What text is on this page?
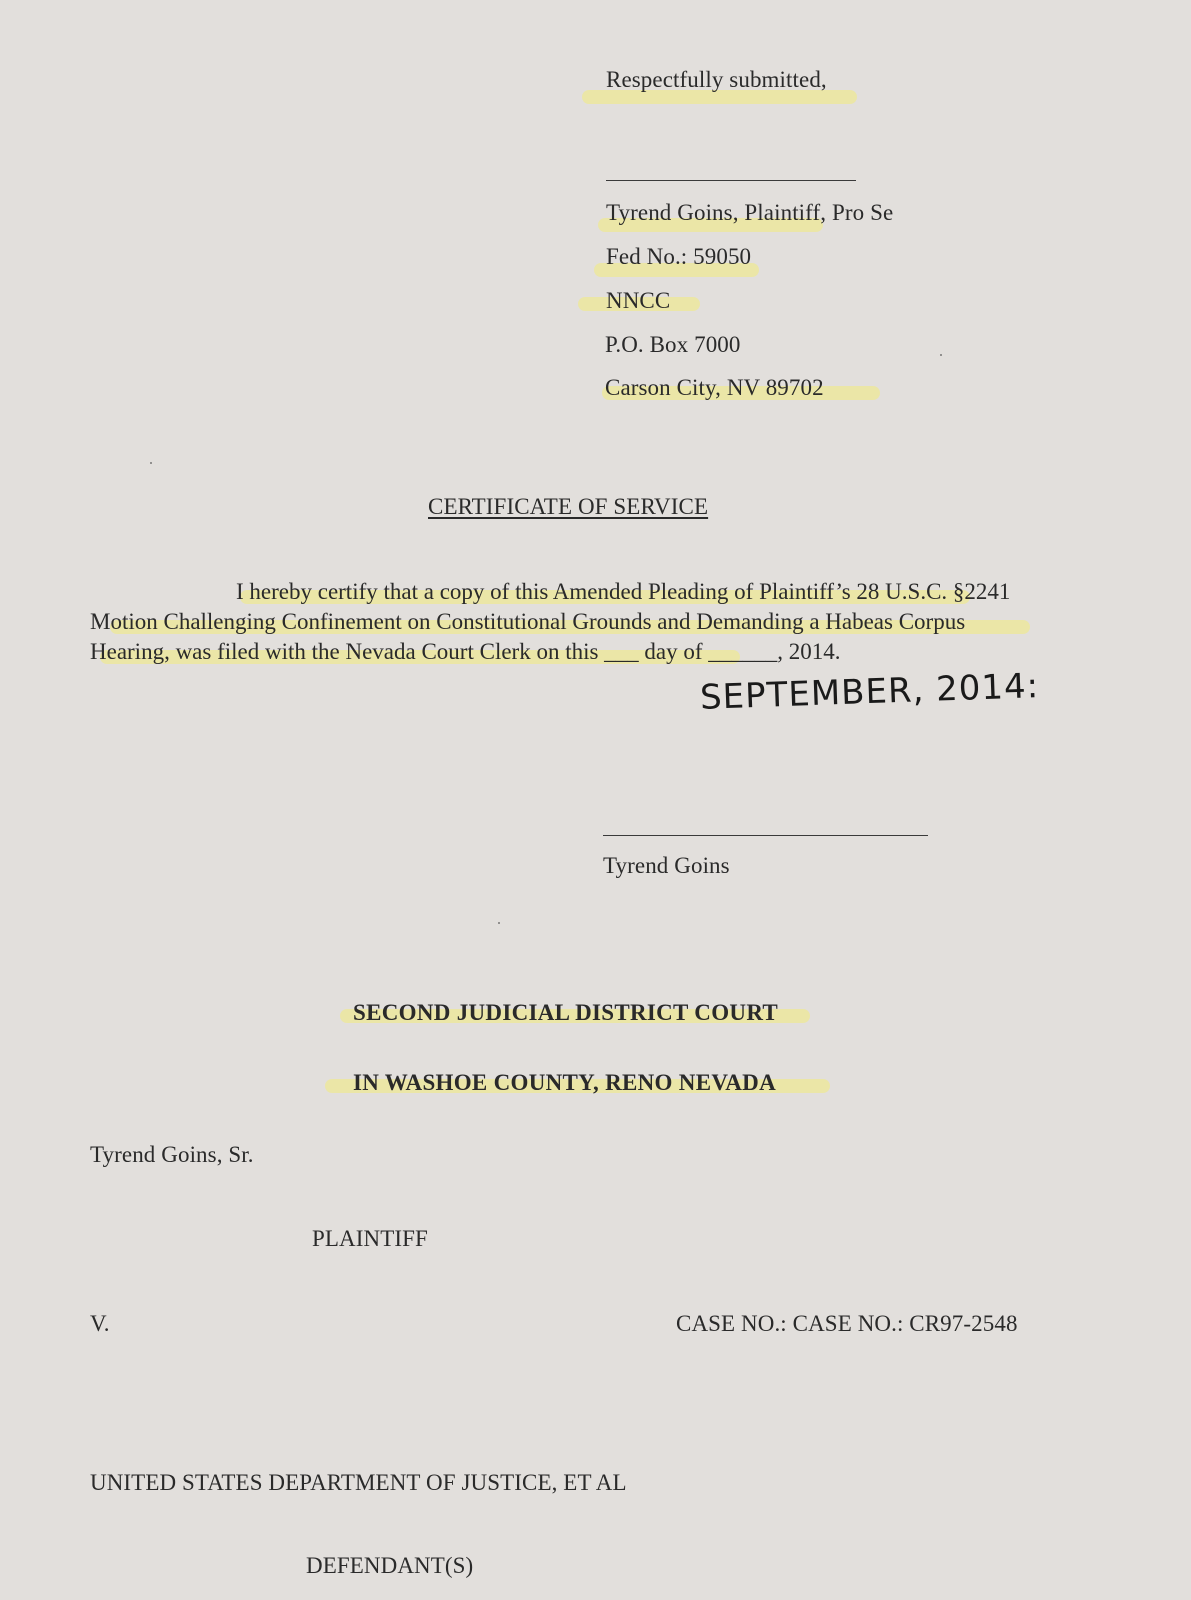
Respectfully submitted,
Tyrend Goins, Plaintiff, Pro Se
Fed No.: 59050
NNCC
P.O. Box 7000
Carson City, NV 89702
CERTIFICATE OF SERVICE
I hereby certify that a copy of this Amended Pleading of Plaintiff’s 28 U.S.C. §2241 Motion Challenging Confinement on Constitutional Grounds and Demanding a Habeas Corpus Hearing, was filed with the Nevada Court Clerk on this ___ day of ______, 2014.
SEPTEMBER, 2014:
Tyrend Goins
SECOND JUDICIAL DISTRICT COURT
IN WASHOE COUNTY, RENO NEVADA
Tyrend Goins, Sr.
PLAINTIFF
V.	CASE NO.: CASE NO.: CR97-2548
UNITED STATES DEPARTMENT OF JUSTICE, ET AL
DEFENDANT(S)
